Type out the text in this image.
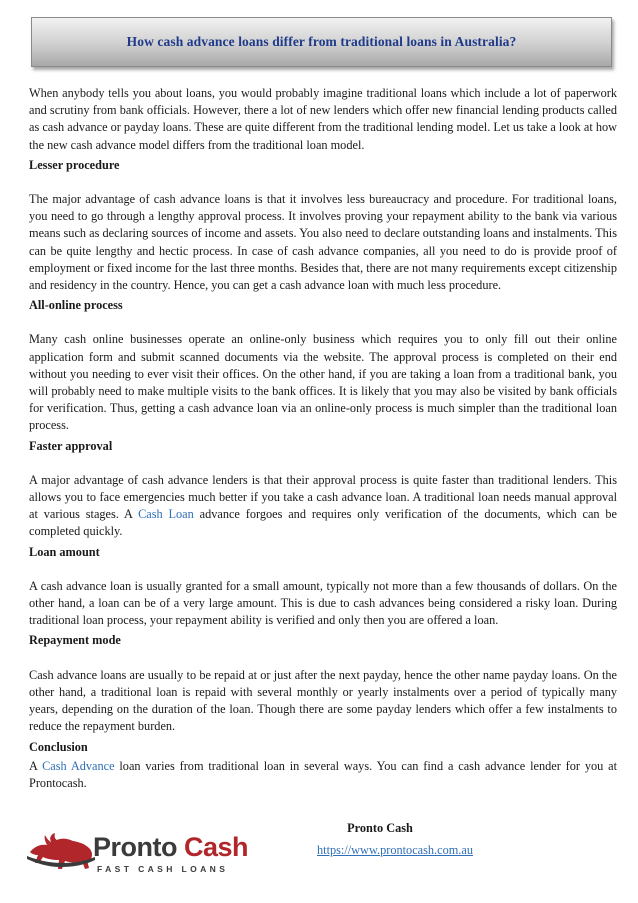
How cash advance loans differ from traditional loans in Australia?

When anybody tells you about loans, you would probably imagine traditional loans which include a lot of paperwork and scrutiny from bank officials. However, there a lot of new lenders which offer new financial lending products called as cash advance or payday loans. These are quite different from the traditional lending model. Let us take a look at how the new cash advance model differs from the traditional loan model.

Lesser procedure

The major advantage of cash advance loans is that it involves less bureaucracy and procedure. For traditional loans, you need to go through a lengthy approval process. It involves proving your repayment ability to the bank via various means such as declaring sources of income and assets. You also need to declare outstanding loans and instalments. This can be quite lengthy and hectic process. In case of cash advance companies, all you need to do is provide proof of employment or fixed income for the last three months. Besides that, there are not many requirements except citizenship and residency in the country. Hence, you can get a cash advance loan with much less procedure.

All-online process

Many cash online businesses operate an online-only business which requires you to only fill out their online application form and submit scanned documents via the website. The approval process is completed on their end without you needing to ever visit their offices. On the other hand, if you are taking a loan from a traditional bank, you will probably need to make multiple visits to the bank offices. It is likely that you may also be visited by bank officials for verification. Thus, getting a cash advance loan via an online-only process is much simpler than the traditional loan process.

Faster approval

A major advantage of cash advance lenders is that their approval process is quite faster than traditional lenders. This allows you to face emergencies much better if you take a cash advance loan. A traditional loan needs manual approval at various stages. A Cash Loan advance forgoes and requires only verification of the documents, which can be completed quickly.

Loan amount

A cash advance loan is usually granted for a small amount, typically not more than a few thousands of dollars. On the other hand, a loan can be of a very large amount. This is due to cash advances being considered a risky loan. During traditional loan process, your repayment ability is verified and only then you are offered a loan.

Repayment mode

Cash advance loans are usually to be repaid at or just after the next payday, hence the other name payday loans. On the other hand, a traditional loan is repaid with several monthly or yearly instalments over a period of typically many years, depending on the duration of the loan. Though there are some payday lenders which offer a few instalments to reduce the repayment burden.

Conclusion

A Cash Advance loan varies from traditional loan in several ways. You can find a cash advance lender for you at Prontocash.

Pronto Cash
https://www.prontocash.com.au
Pronto Cash
FAST CASH LOANS
